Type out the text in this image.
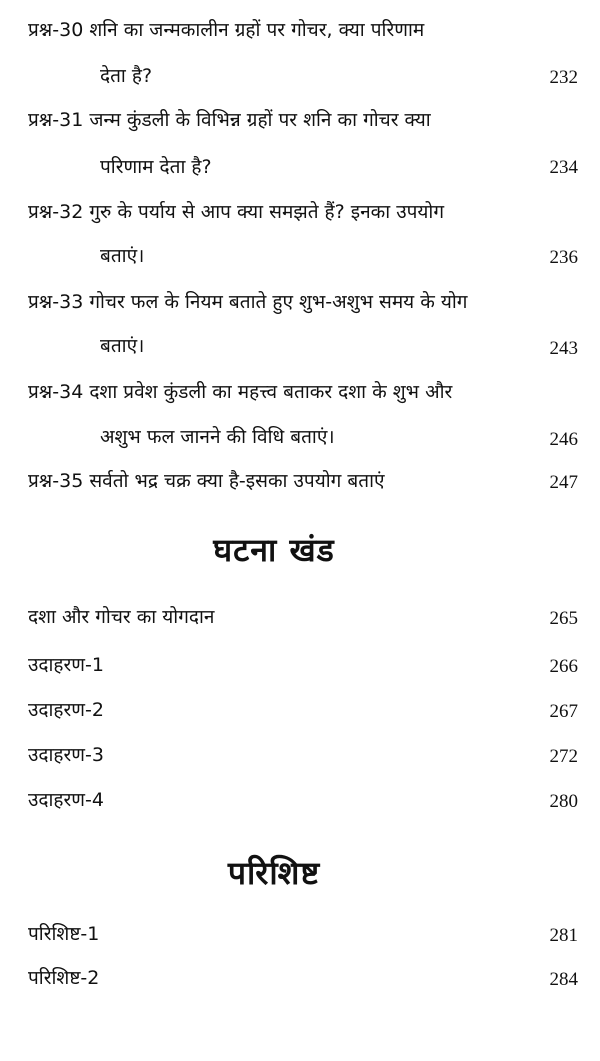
प्रश्न-30 शनि का जन्मकालीन ग्रहों पर गोचर, क्या परिणाम
देता है?	232
प्रश्न-31 जन्म कुंडली के विभिन्न ग्रहों पर शनि का गोचर क्या
परिणाम देता है?	234
प्रश्न-32 गुरु के पर्याय से आप क्या समझते हैं? इनका उपयोग
बताएं।	236
प्रश्न-33 गोचर फल के नियम बताते हुए शुभ-अशुभ समय के योग
बताएं।	243
प्रश्न-34 दशा प्रवेश कुंडली का महत्त्व बताकर दशा के शुभ और
अशुभ फल जानने की विधि बताएं।	246
प्रश्न-35 सर्वतो भद्र चक्र क्या है-इसका उपयोग बताएं	247
घटना खंड
दशा और गोचर का योगदान	265
उदाहरण-1	266
उदाहरण-2	267
उदाहरण-3	272
उदाहरण-4	280
परिशिष्ट
परिशिष्ट-1	281
परिशिष्ट-2	284
